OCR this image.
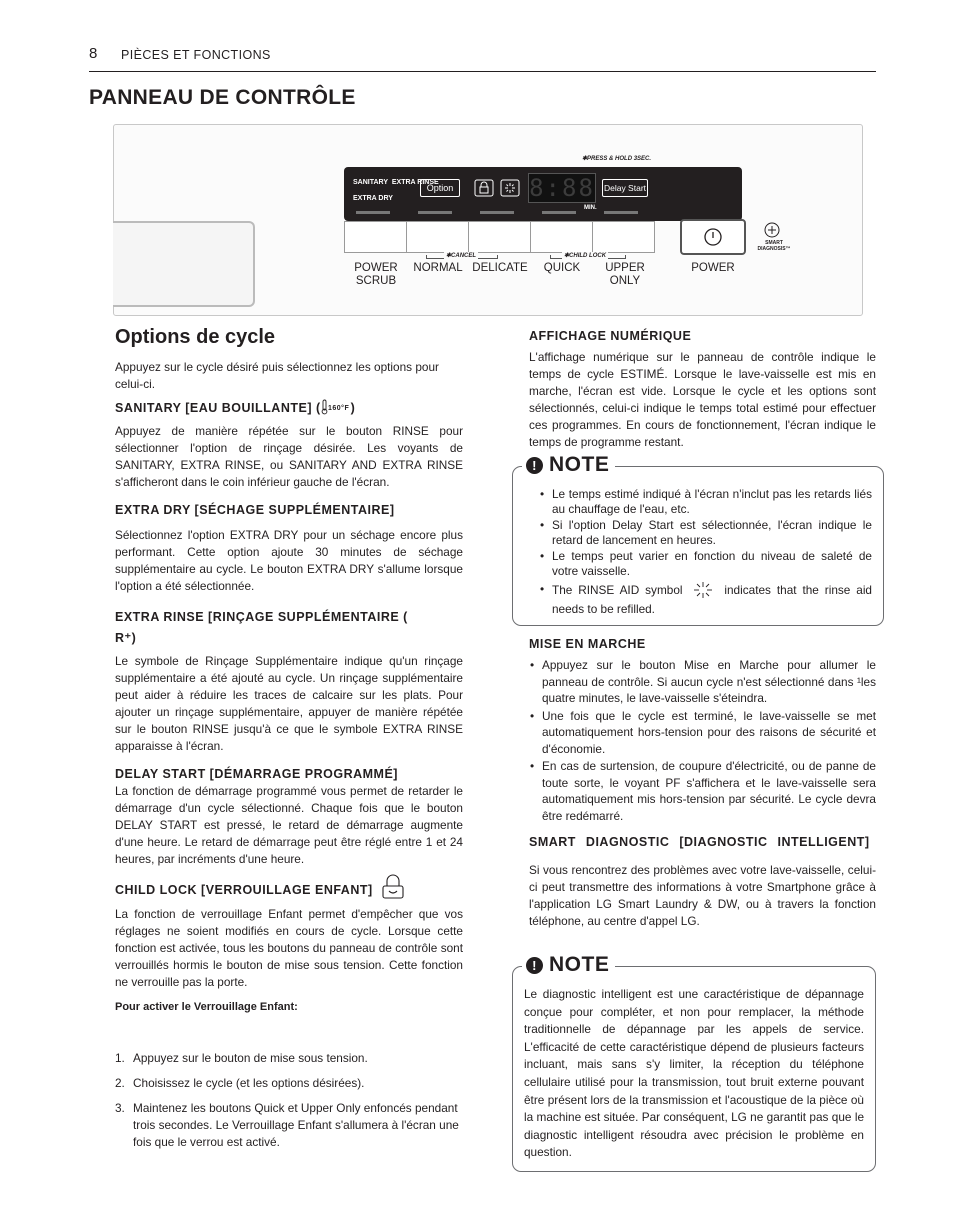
8 PIÈCES ET FONCTIONS
PANNEAU DE CONTRÔLE
SANITARY EXTRA RINSE

EXTRA DRY
Option	8:88
MIN.
Delay Start
✱PRESS & HOLD 3SEC.
✱CANCEL	✱CHILD LOCK
POWER
SCRUB
NORMAL DELICATE	QUICK	UPPER
ONLY
POWER
SMART
DIAGNOSIS™
Options de cycle
Appuyez sur le cycle désiré puis sélectionnez les options pour celui-ci.
SANITARY [EAU BOUILLANTE] ( 160°F )
Appuyez de manière répétée sur le bouton RINSE pour sélectionner l'option de rinçage désirée. Les voyants de SANITARY, EXTRA RINSE, ou SANITARY AND EXTRA RINSE s'afficheront dans le coin inférieur gauche de l'écran.
EXTRA DRY [SÉCHAGE SUPPLÉMENTAIRE]
Sélectionnez l'option EXTRA DRY pour un séchage encore plus performant. Cette option ajoute 30 minutes de séchage supplémentaire au cycle. Le bouton EXTRA DRY s'allume lorsque l'option a été sélectionnée.
EXTRA RINSE [RINÇAGE SUPPLÉMENTAIRE (
R⁺)
Le symbole de Rinçage Supplémentaire indique qu'un rinçage supplémentaire a été ajouté au cycle. Un rinçage supplémentaire peut aider à réduire les traces de calcaire sur les plats. Pour ajouter un rinçage supplémentaire, appuyer de manière répétée sur le bouton RINSE jusqu'à ce que le symbole EXTRA RINSE apparaisse à l'écran.
DELAY START [DÉMARRAGE PROGRAMMÉ]
La fonction de démarrage programmé vous permet de retarder le démarrage d'un cycle sélectionné. Chaque fois que le bouton DELAY START est pressé, le retard de démarrage augmente d'une heure. Le retard de démarrage peut être réglé entre 1 et 24 heures, par incréments d'une heure.
CHILD LOCK [VERROUILLAGE ENFANT]
La fonction de verrouillage Enfant permet d'empêcher que vos réglages ne soient modifiés en cours de cycle. Lorsque cette fonction est activée, tous les boutons du panneau de contrôle sont verrouillés hormis le bouton de mise sous tension. Cette fonction ne verrouille pas la porte.
Pour activer le Verrouillage Enfant:
1. Appuyez sur le bouton de mise sous tension.
2. Choisissez le cycle (et les options désirées).
3. Maintenez les boutons Quick et Upper Only enfoncés pendant trois secondes. Le Verrouillage Enfant s'allumera à l'écran une fois que le verrou est activé.
AFFICHAGE NUMÉRIQUE
L'affichage numérique sur le panneau de contrôle indique le temps de cycle ESTIMÉ. Lorsque le lave-vaisselle est mis en marche, l'écran est vide. Lorsque le cycle et les options sont sélectionnés, celui-ci indique le temps total estimé pour effectuer ces programmes. En cours de fonctionnement, l'écran indique le temps de programme restant.
! NOTE
• Le temps estimé indiqué à l'écran n'inclut pas les retards liés au chauffage de l'eau, etc.
• Si l'option Delay Start est sélectionnée, l'écran indique le retard de lancement en heures.
• Le temps peut varier en fonction du niveau de saleté de votre vaisselle.
• The RINSE AID symbol	indicates that the rinse aid needs to be refilled.
MISE EN MARCHE
• Appuyez sur le bouton Mise en Marche pour allumer le panneau de contrôle. Si aucun cycle n'est sélectionné dans ¹les quatre minutes, le lave-vaisselle s'éteindra.
• Une fois que le cycle est terminé, le lave-vaisselle se met automatiquement hors-tension pour des raisons de sécurité et d'économie.
• En cas de surtension, de coupure d'électricité, ou de panne de toute sorte, le voyant PF s'affichera et le lave-vaisselle sera automatiquement mis hors-tension par sécurité. Le cycle devra être redémarré.
SMART DIAGNOSTIC [DIAGNOSTIC INTELLIGENT]
Si vous rencontrez des problèmes avec votre lave-vaisselle, celui-ci peut transmettre des informations à votre Smartphone grâce à l'application LG Smart Laundry & DW, ou à travers la fonction téléphone, au centre d'appel LG.
! NOTE
Le diagnostic intelligent est une caractéristique de dépannage conçue pour compléter, et non pour remplacer, la méthode traditionnelle de dépannage par les appels de service. L'efficacité de cette caractéristique dépend de plusieurs facteurs incluant, mais sans s'y limiter, la réception du téléphone cellulaire utilisé pour la transmission, tout bruit externe pouvant être présent lors de la transmission et l'acoustique de la pièce où la machine est située. Par conséquent, LG ne garantit pas que le diagnostic intelligent résoudra avec précision le problème en question.
